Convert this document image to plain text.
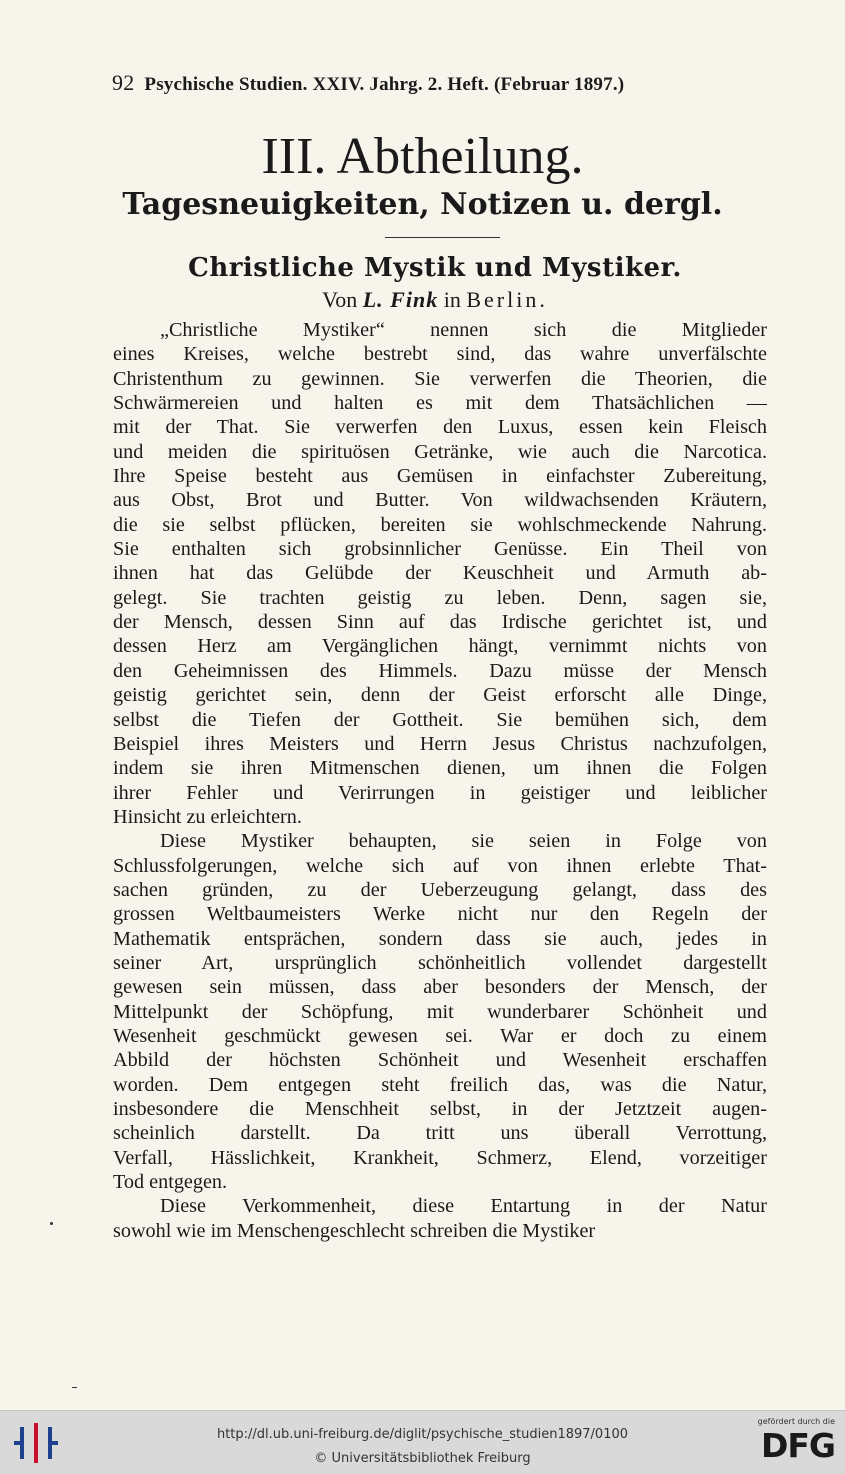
92 Psychische Studien. XXIV. Jahrg. 2. Heft. (Februar 1897.)
III. Abtheilung.
Tagesneuigkeiten, Notizen u. dergl.
Christliche Mystik und Mystiker.
Von L. Fink in Berlin.
„Christliche Mystiker“ nennen sich die Mitglieder
eines Kreises, welche bestrebt sind, das wahre unverfälschte
Christenthum zu gewinnen. Sie verwerfen die Theorien, die
Schwärmereien und halten es mit dem Thatsächlichen —
mit der That. Sie verwerfen den Luxus, essen kein Fleisch
und meiden die spirituösen Getränke, wie auch die Narcotica.
Ihre Speise besteht aus Gemüsen in einfachster Zubereitung,
aus Obst, Brot und Butter. Von wildwachsenden Kräutern,
die sie selbst pflücken, bereiten sie wohlschmeckende Nahrung.
Sie enthalten sich grobsinnlicher Genüsse. Ein Theil von
ihnen hat das Gelübde der Keuschheit und Armuth ab-
gelegt. Sie trachten geistig zu leben. Denn, sagen sie,
der Mensch, dessen Sinn auf das Irdische gerichtet ist, und
dessen Herz am Vergänglichen hängt, vernimmt nichts von
den Geheimnissen des Himmels. Dazu müsse der Mensch
geistig gerichtet sein, denn der Geist erforscht alle Dinge,
selbst die Tiefen der Gottheit. Sie bemühen sich, dem
Beispiel ihres Meisters und Herrn Jesus Christus nachzufolgen,
indem sie ihren Mitmenschen dienen, um ihnen die Folgen
ihrer Fehler und Verirrungen in geistiger und leiblicher
Hinsicht zu erleichtern.
Diese Mystiker behaupten, sie seien in Folge von
Schlussfolgerungen, welche sich auf von ihnen erlebte That-
sachen gründen, zu der Ueberzeugung gelangt, dass des
grossen Weltbaumeisters Werke nicht nur den Regeln der
Mathematik entsprächen, sondern dass sie auch, jedes in
seiner Art, ursprünglich schönheitlich vollendet dargestellt
gewesen sein müssen, dass aber besonders der Mensch, der
Mittelpunkt der Schöpfung, mit wunderbarer Schönheit und
Wesenheit geschmückt gewesen sei. War er doch zu einem
Abbild der höchsten Schönheit und Wesenheit erschaffen
worden. Dem entgegen steht freilich das, was die Natur,
insbesondere die Menschheit selbst, in der Jetztzeit augen-
scheinlich darstellt. Da tritt uns überall Verrottung,
Verfall, Hässlichkeit, Krankheit, Schmerz, Elend, vorzeitiger
Tod entgegen.
Diese Verkommenheit, diese Entartung in der Natur
sowohl wie im Menschengeschlecht schreiben die Mystiker
http://dl.ub.uni-freiburg.de/diglit/psychische_studien1897/0100
© Universitätsbibliothek Freiburg
gefördert durch die
DFG
